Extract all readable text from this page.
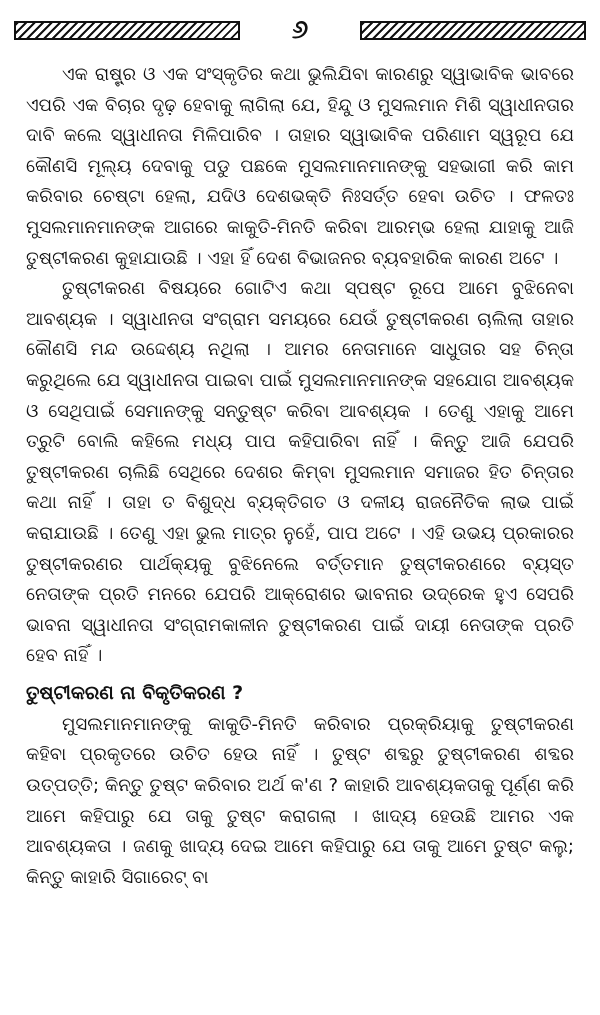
୬

ଏକ ରାଷ୍ଟ୍ର ଓ ଏକ ସଂସ୍କୃତିର କଥା ଭୁଲିଯିବା କାରଣରୁ ସ୍ୱାଭାବିକ ଭାବରେ ଏପରି ଏକ ବିଚାର ଦୃଢ଼ ହେବାକୁ ଲାଗିଲା ଯେ, ହିନ୍ଦୁ ଓ ମୁସଲମାନ ମିଶି ସ୍ୱାଧୀନତାର ଦାବି କଲେ ସ୍ୱାଧୀନତା ମିଳିପାରିବ । ତାହାର ସ୍ୱାଭାବିକ ପରିଣାମ ସ୍ୱରୂପ ଯେ କୌଣସି ମୂଲ୍ୟ ଦେବାକୁ ପଡୁ ପଛକେ ମୁସଲମାନମାନଙ୍କୁ ସହଭାଗୀ କରି କାମ କରିବାର ଚେଷ୍ଟା ହେଲା, ଯଦିଓ ଦେଶଭକ୍ତି ନିଃସର୍ତ୍ତ ହେବା ଉଚିତ । ଫଳତଃ ମୁସଲମାନମାନଙ୍କ ଆଗରେ କାକୁତି-ମିନତି କରିବା ଆରମ୍ଭ ହେଲା ଯାହାକୁ ଆଜି ତୁଷ୍ଟୀକରଣ କୁହାଯାଉଛି । ଏହା ହିଁ ଦେଶ ବିଭାଜନର ବ୍ୟବହାରିକ କାରଣ ଅଟେ ।

ତୁଷ୍ଟୀକରଣ ବିଷୟରେ ଗୋଟିଏ କଥା ସ୍ପଷ୍ଟ ରୂପେ ଆମେ ବୁଝିନେବା ଆବଶ୍ୟକ । ସ୍ୱାଧୀନତା ସଂଗ୍ରାମ ସମୟରେ ଯେଉଁ ତୁଷ୍ଟୀକରଣ ଚାଲିଲା ତାହାର କୌଣସି ମନ୍ଦ ଉଦ୍ଦେଶ୍ୟ ନଥିଲା । ଆମର ନେତାମାନେ ସାଧୁତାର ସହ ଚିନ୍ତା କରୁଥିଲେ ଯେ ସ୍ୱାଧୀନତା ପାଇବା ପାଇଁ ମୁସଲମାନମାନଙ୍କ ସହଯୋଗ ଆବଶ୍ୟକ ଓ ସେଥିପାଇଁ ସେମାନଙ୍କୁ ସନ୍ତୁଷ୍ଟ କରିବା ଆବଶ୍ୟକ । ତେଣୁ ଏହାକୁ ଆମେ ତ୍ରୁଟି ବୋଲି କହିଲେ ମଧ୍ୟ ପାପ କହିପାରିବା ନାହିଁ । କିନ୍ତୁ ଆଜି ଯେପରି ତୁଷ୍ଟୀକରଣ ଚାଲିଛି ସେଥିରେ ଦେଶର କିମ୍ବା ମୁସଲମାନ ସମାଜର ହିତ ଚିନ୍ତାର କଥା ନାହିଁ । ତାହା ତ ବିଶୁଦ୍ଧ ବ୍ୟକ୍ତିଗତ ଓ ଦଳୀୟ ରାଜନୈତିକ ଲାଭ ପାଇଁ କରାଯାଉଛି । ତେଣୁ ଏହା ଭୁଲ ମାତ୍ର ନୁହେଁ, ପାପ ଅଟେ । ଏହି ଉଭୟ ପ୍ରକାରର ତୁଷ୍ଟୀକରଣର ପାର୍ଥକ୍ୟକୁ ବୁଝିନେଲେ ବର୍ତ୍ତମାନ ତୁଷ୍ଟୀକରଣରେ ବ୍ୟସ୍ତ ନେତାଙ୍କ ପ୍ରତି ମନରେ ଯେପରି ଆକ୍ରୋଶର ଭାବନାର ଉଦ୍ରେକ ହୁଏ ସେପରି ଭାବନା ସ୍ୱାଧୀନତା ସଂଗ୍ରାମକାଳୀନ ତୁଷ୍ଟୀକରଣ ପାଇଁ ଦାୟୀ ନେତାଙ୍କ ପ୍ରତି ହେବ ନାହିଁ ।

ତୁଷ୍ଟୀକରଣ ନା ବିକୃତିକରଣ ?

ମୁସଲମାନମାନଙ୍କୁ କାକୁତି-ମିନତି କରିବାର ପ୍ରକ୍ରିୟାକୁ ତୁଷ୍ଟୀକରଣ କହିବା ପ୍ରକୃତରେ ଉଚିତ ହେଉ ନାହିଁ । ତୁଷ୍ଟ ଶବ୍ଦରୁ ତୁଷ୍ଟୀକରଣ ଶବ୍ଦର ଉତ୍ପତ୍ତି; କିନ୍ତୁ ତୁଷ୍ଟ କରିବାର ଅର୍ଥ କ'ଣ ? କାହାରି ଆବଶ୍ୟକତାକୁ ପୂର୍ଣ୍ଣ କରି ଆମେ କହିପାରୁ ଯେ ତାକୁ ତୁଷ୍ଟ କରାଗଲା । ଖାଦ୍ୟ ହେଉଛି ଆମର ଏକ ଆବଶ୍ୟକତା । ଜଣକୁ ଖାଦ୍ୟ ଦେଇ ଆମେ କହିପାରୁ ଯେ ତାକୁ ଆମେ ତୁଷ୍ଟ କଲୁ; କିନ୍ତୁ କାହାରି ସିଗାରେଟ୍ ବା
